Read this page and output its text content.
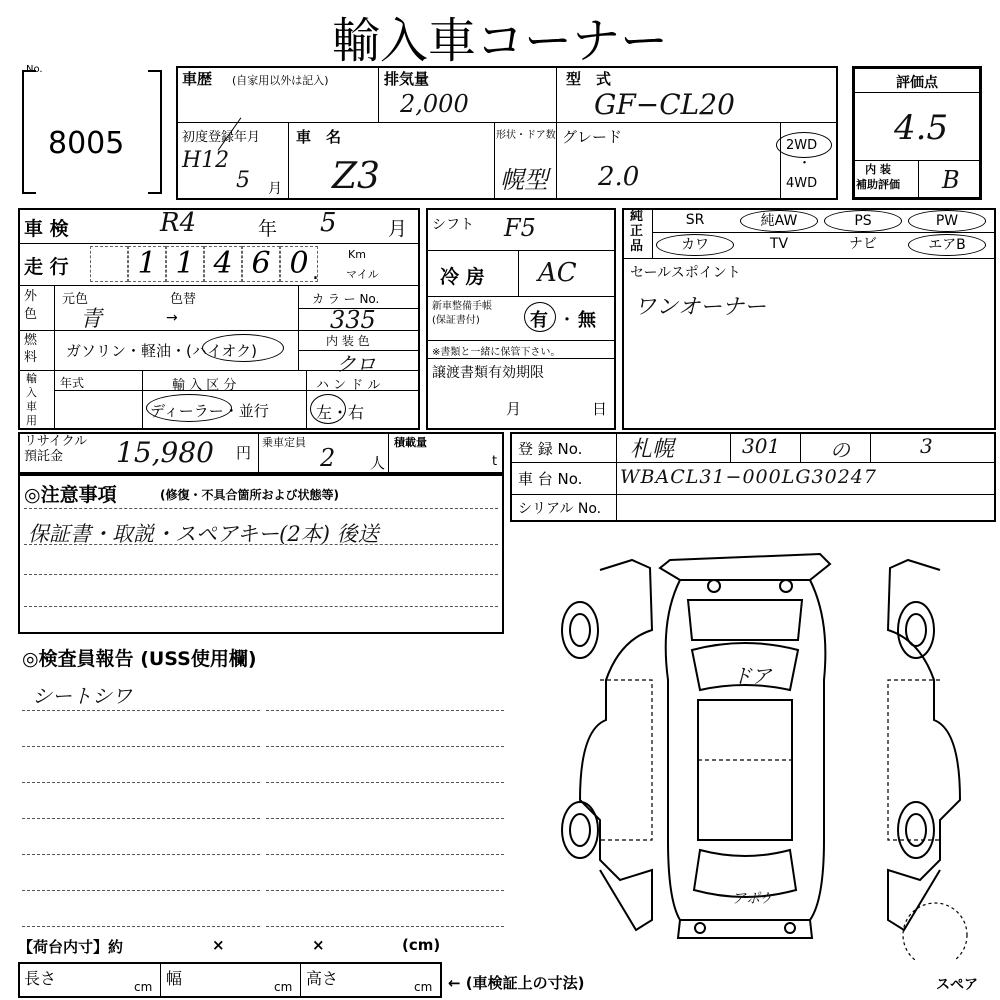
輸入車コーナー
No.
8005
車歴 (自家用以外は記入)	排気量
2,000
型　式
GF−CL20
初度登録年月
H12
5 月
車　名
Z3
形状・ドア数
幌型
グレード
2.0
2WD
・
4WD
評価点
4.5
内 装
補助評価 B
車 検	R4	年 5	月
走 行	1 1 4 6 0 .
Km
マイル
外
色
元色	色替
青	→
カ ラ ー No.
335
燃
料 ガソリン・軽油・(ハイオク)
内 装 色
クロ
輸
入
車
用
年式	輸 入 区 分
ディーラー・並行
ハ ン ド ル
左・右
シフト F5
冷 房 AC
新車整備手帳
(保証書付)	有 ・ 無
※書類と一緒に保管下さい。
譲渡書類有効期限
月	日
純
正
品
SR	純AW	PS	PW
カワ	TV	ナビ	エアB
セールスポイント
ワンオーナー
リサイクル
預託金	15,980 円
乗車定員
2 人
積載量
t
登 録 No. 札幌	301 の	3
車 台 No. WBACL31−000LG30247
シリアル No.
◎注意事項	(修復・不具合箇所および状態等)
保証書・取説・スペアキー(2本) 後送
◎検査員報告 (USS使用欄)
シートシワ
ドア
アポケ
スペア
【荷台内寸】約	×	×	(cm)
長さ	cm 幅	cm 高さ	cm ← (車検証上の寸法)
